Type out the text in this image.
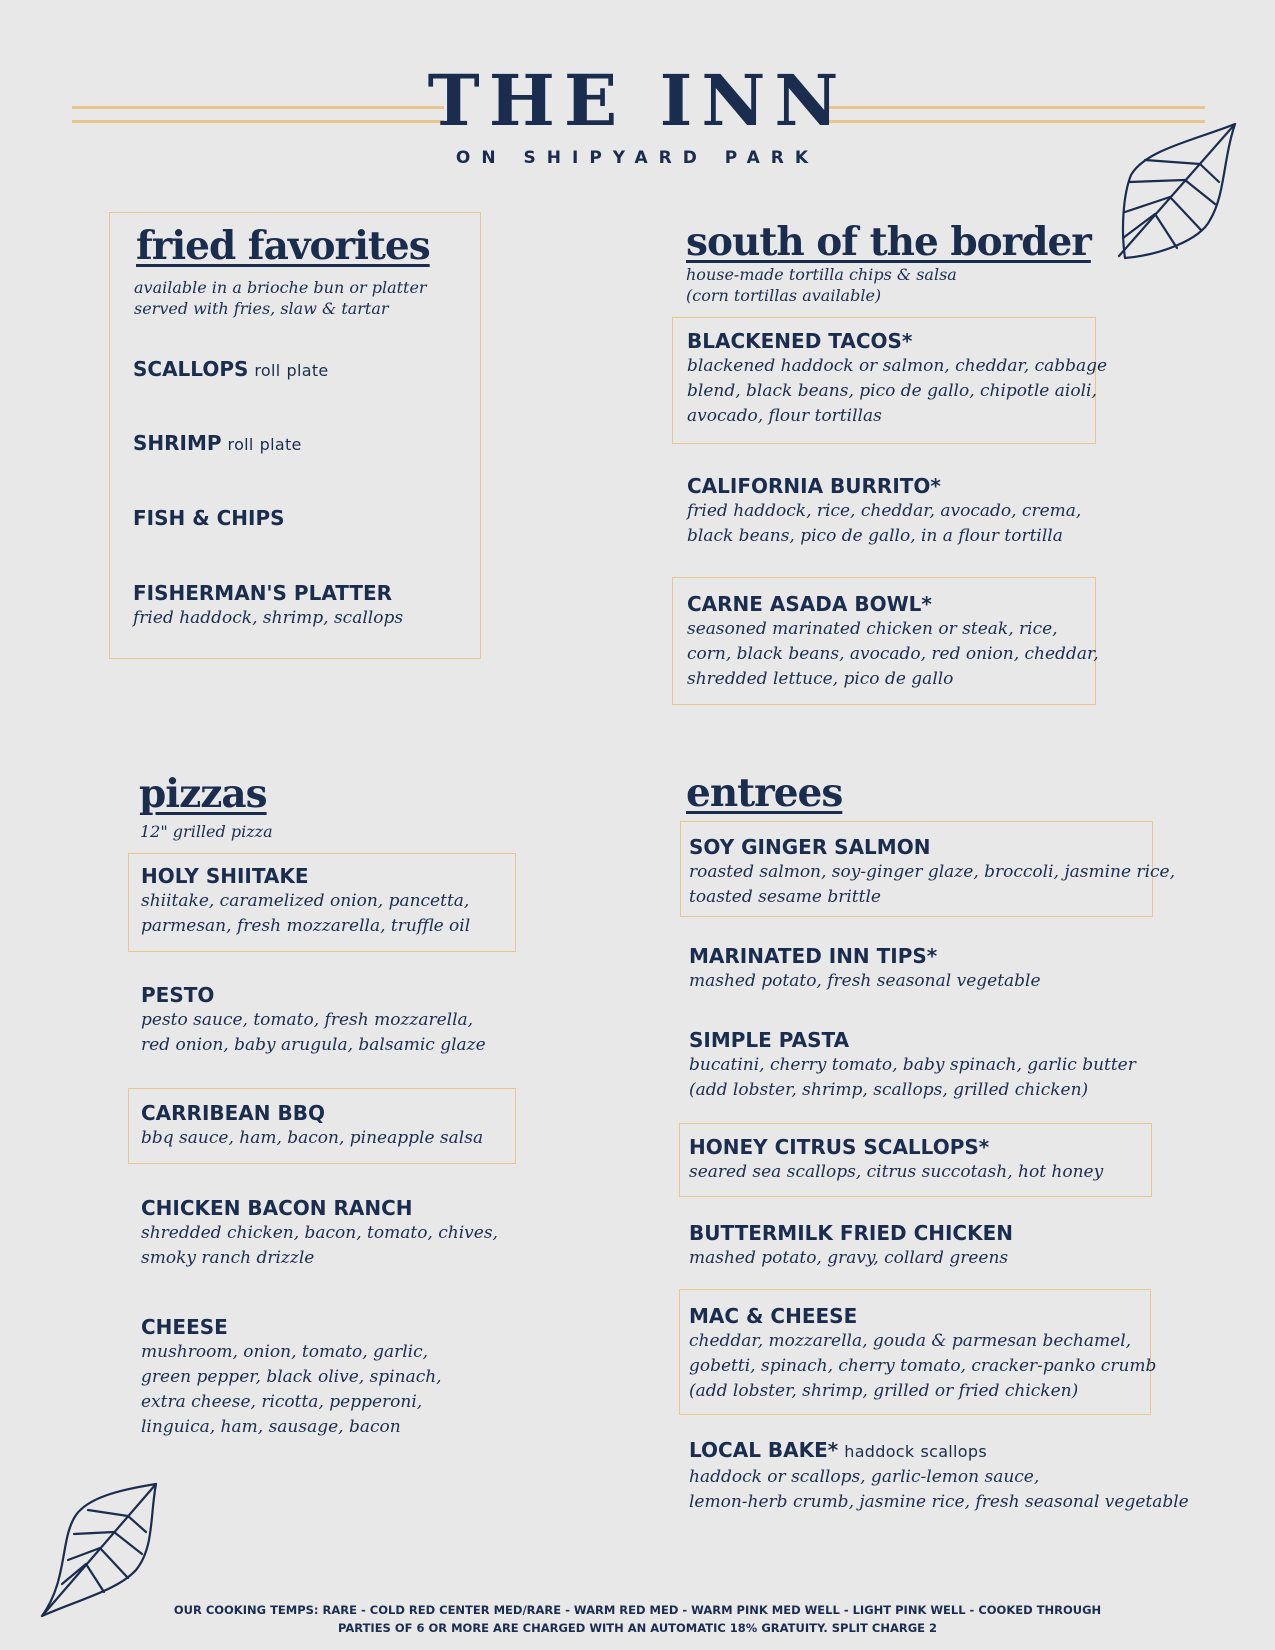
THE INN
ON SHIPYARD PARK
fried favorites
available in a brioche bun or platter
served with fries, slaw & tartar
SCALLOPS roll plate
SHRIMP roll plate
FISH & CHIPS
FISHERMAN'S PLATTER
fried haddock, shrimp, scallops
south of the border
house-made tortilla chips & salsa
(corn tortillas available)
BLACKENED TACOS*
blackened haddock or salmon, cheddar, cabbage
blend, black beans, pico de gallo, chipotle aioli,
avocado, flour tortillas
CALIFORNIA BURRITO*
fried haddock, rice, cheddar, avocado, crema,
black beans, pico de gallo, in a flour tortilla
CARNE ASADA BOWL*
seasoned marinated chicken or steak, rice,
corn, black beans, avocado, red onion, cheddar,
shredded lettuce, pico de gallo
pizzas
12" grilled pizza
HOLY SHIITAKE
shiitake, caramelized onion, pancetta,
parmesan, fresh mozzarella, truffle oil
PESTO
pesto sauce, tomato, fresh mozzarella,
red onion, baby arugula, balsamic glaze
CARRIBEAN BBQ
bbq sauce, ham, bacon, pineapple salsa
CHICKEN BACON RANCH
shredded chicken, bacon, tomato, chives,
smoky ranch drizzle
CHEESE
mushroom, onion, tomato, garlic,
green pepper, black olive, spinach,
extra cheese, ricotta, pepperoni,
linguica, ham, sausage, bacon
entrees
SOY GINGER SALMON
roasted salmon, soy-ginger glaze, broccoli, jasmine rice,
toasted sesame brittle
MARINATED INN TIPS*
mashed potato, fresh seasonal vegetable
SIMPLE PASTA
bucatini, cherry tomato, baby spinach, garlic butter
(add lobster, shrimp, scallops, grilled chicken)
HONEY CITRUS SCALLOPS*
seared sea scallops, citrus succotash, hot honey
BUTTERMILK FRIED CHICKEN
mashed potato, gravy, collard greens
MAC & CHEESE
cheddar, mozzarella, gouda & parmesan bechamel,
gobetti, spinach, cherry tomato, cracker-panko crumb
(add lobster, shrimp, grilled or fried chicken)
LOCAL BAKE* haddock scallops
haddock or scallops, garlic-lemon sauce,
lemon-herb crumb, jasmine rice, fresh seasonal vegetable
OUR COOKING TEMPS: RARE - COLD RED CENTER MED/RARE - WARM RED MED - WARM PINK MED WELL - LIGHT PINK WELL - COOKED THROUGH
PARTIES OF 6 OR MORE ARE CHARGED WITH AN AUTOMATIC 18% GRATUITY. SPLIT CHARGE 2
